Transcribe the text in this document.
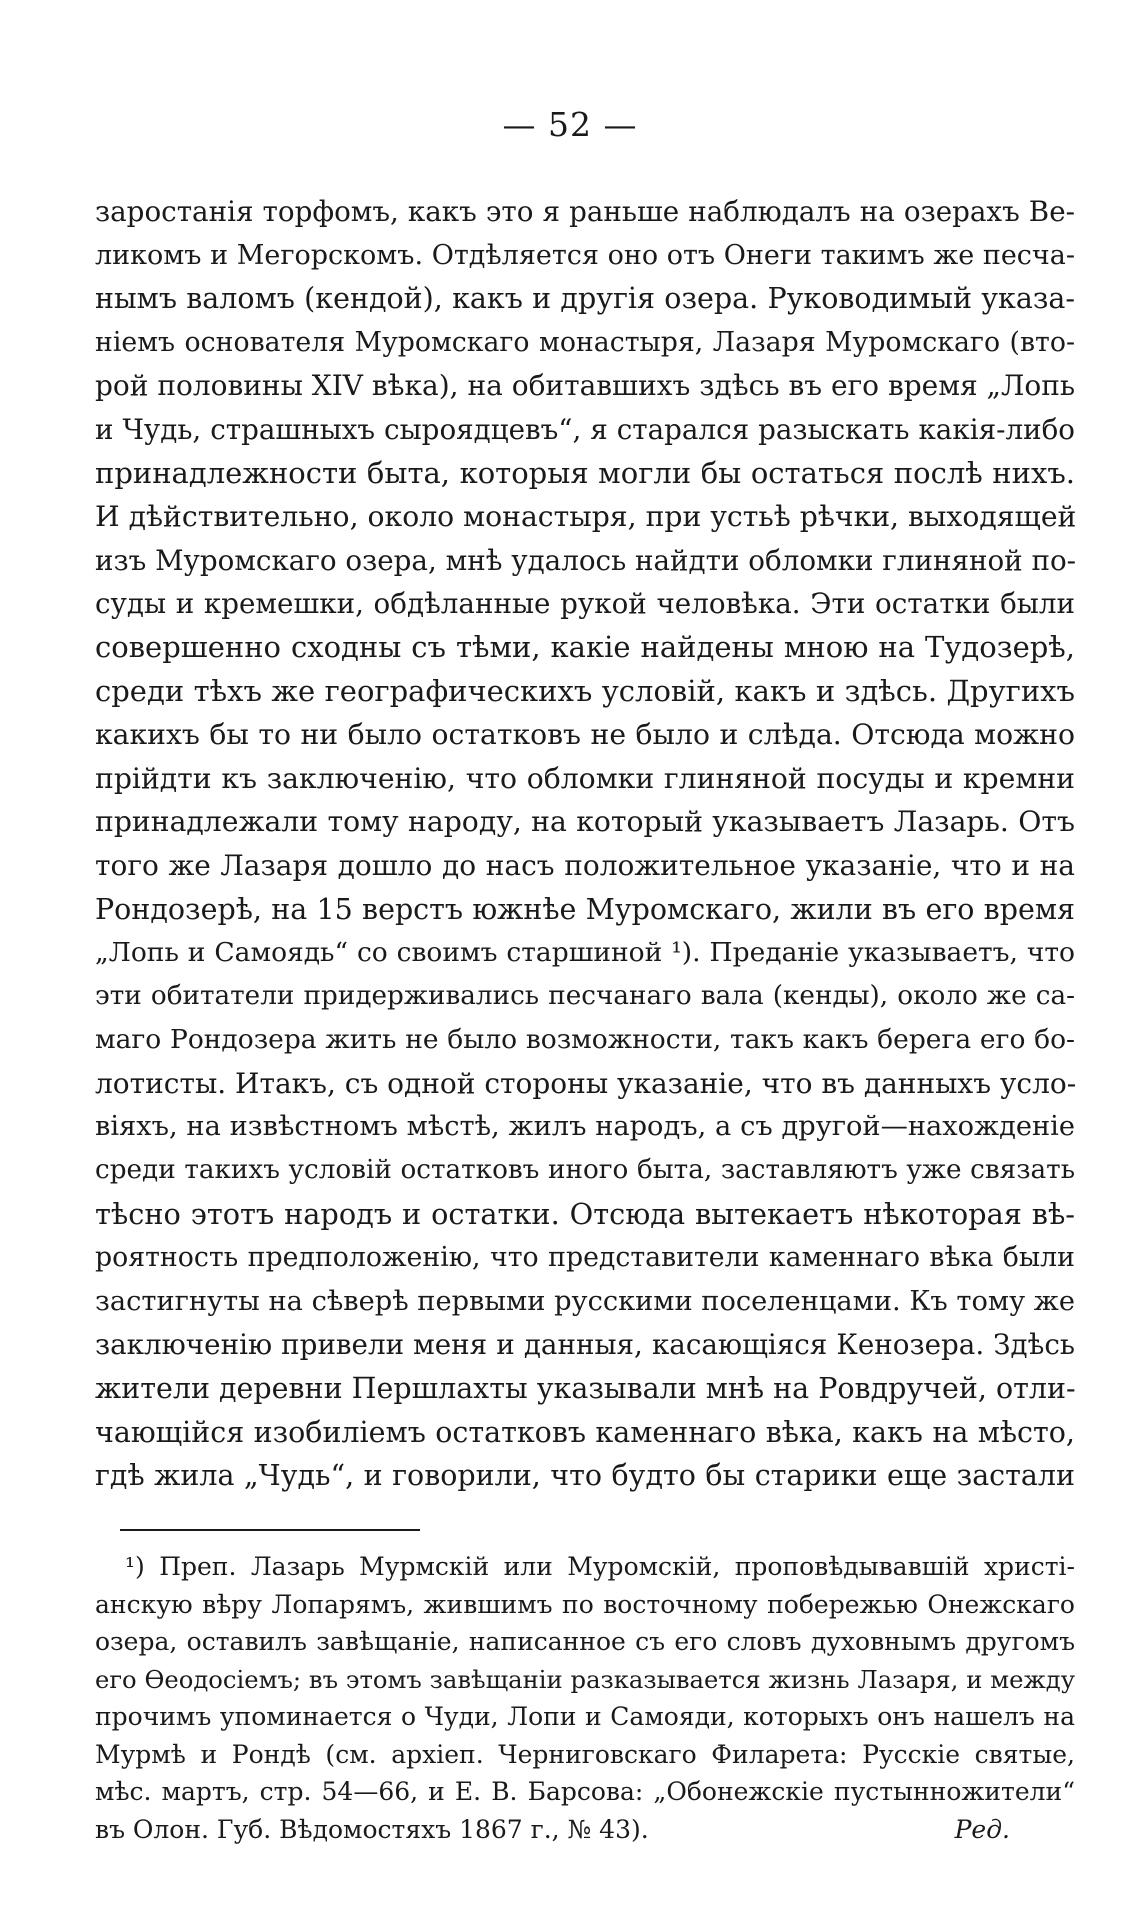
— 52 —
заростанія торфомъ, какъ это я раньше наблюдалъ на озерахъ Ве-
ликомъ и Мегорскомъ. Отдѣляется оно отъ Онеги такимъ же песча-
нымъ валомъ (кендой), какъ и другія озера. Руководимый указа-
ніемъ основателя Муромскаго монастыря, Лазаря Муромскаго (вто-
рой половины XIV вѣка), на обитавшихъ здѣсь въ его время „Лопь
и Чудь, страшныхъ сыроядцевъ“, я старался разыскать какія-либо
принадлежности быта, которыя могли бы остаться послѣ нихъ.
И дѣйствительно, около монастыря, при устьѣ рѣчки, выходящей
изъ Муромскаго озера, мнѣ удалось найдти обломки глиняной по-
суды и кремешки, обдѣланные рукой человѣка. Эти остатки были
совершенно сходны съ тѣми, какіе найдены мною на Тудозерѣ,
среди тѣхъ же географическихъ условій, какъ и здѣсь. Другихъ
какихъ бы то ни было остатковъ не было и слѣда. Отсюда можно
прійдти къ заключенію, что обломки глиняной посуды и кремни
принадлежали тому народу, на который указываетъ Лазарь. Отъ
того же Лазаря дошло до насъ положительное указаніе, что и на
Рондозерѣ, на 15 верстъ южнѣе Муромскаго, жили въ его время
„Лопь и Самоядь“ со своимъ старшиной ¹). Преданіе указываетъ, что
эти обитатели придерживались песчанаго вала (кенды), около же са-
маго Рондозера жить не было возможности, такъ какъ берега его бо-
лотисты. Итакъ, съ одной стороны указаніе, что въ данныхъ усло-
віяхъ, на извѣстномъ мѣстѣ, жилъ народъ, а съ другой—нахожденіе
среди такихъ условій остатковъ иного быта, заставляютъ уже связать
тѣсно этотъ народъ и остатки. Отсюда вытекаетъ нѣкоторая вѣ-
роятность предположенію, что представители каменнаго вѣка были
застигнуты на сѣверѣ первыми русскими поселенцами. Къ тому же
заключенію привели меня и данныя, касающіяся Кенозера. Здѣсь
жители деревни Першлахты указывали мнѣ на Ровдручей, отли-
чающійся изобиліемъ остатковъ каменнаго вѣка, какъ на мѣсто,
гдѣ жила „Чудь“, и говорили, что будто бы старики еще застали
¹) Преп. Лазарь Мурмскій или Муромскій, проповѣдывавшій христі-
анскую вѣру Лопарямъ, жившимъ по восточному побережью Онежскаго
озера, оставилъ завѣщаніе, написанное съ его словъ духовнымъ другомъ
его Ѳеодосіемъ; въ этомъ завѣщаніи разказывается жизнь Лазаря, и между
прочимъ упоминается о Чуди, Лопи и Самояди, которыхъ онъ нашелъ на
Мурмѣ и Рондѣ (см. архіеп. Черниговскаго Филарета: Русскіе святые,
мѣс. мартъ, стр. 54—66, и Е. В. Барсова: „Обонежскіе пустынножители“
въ Олон. Губ. Вѣдомостяхъ 1867 г., № 43).	Ред.
